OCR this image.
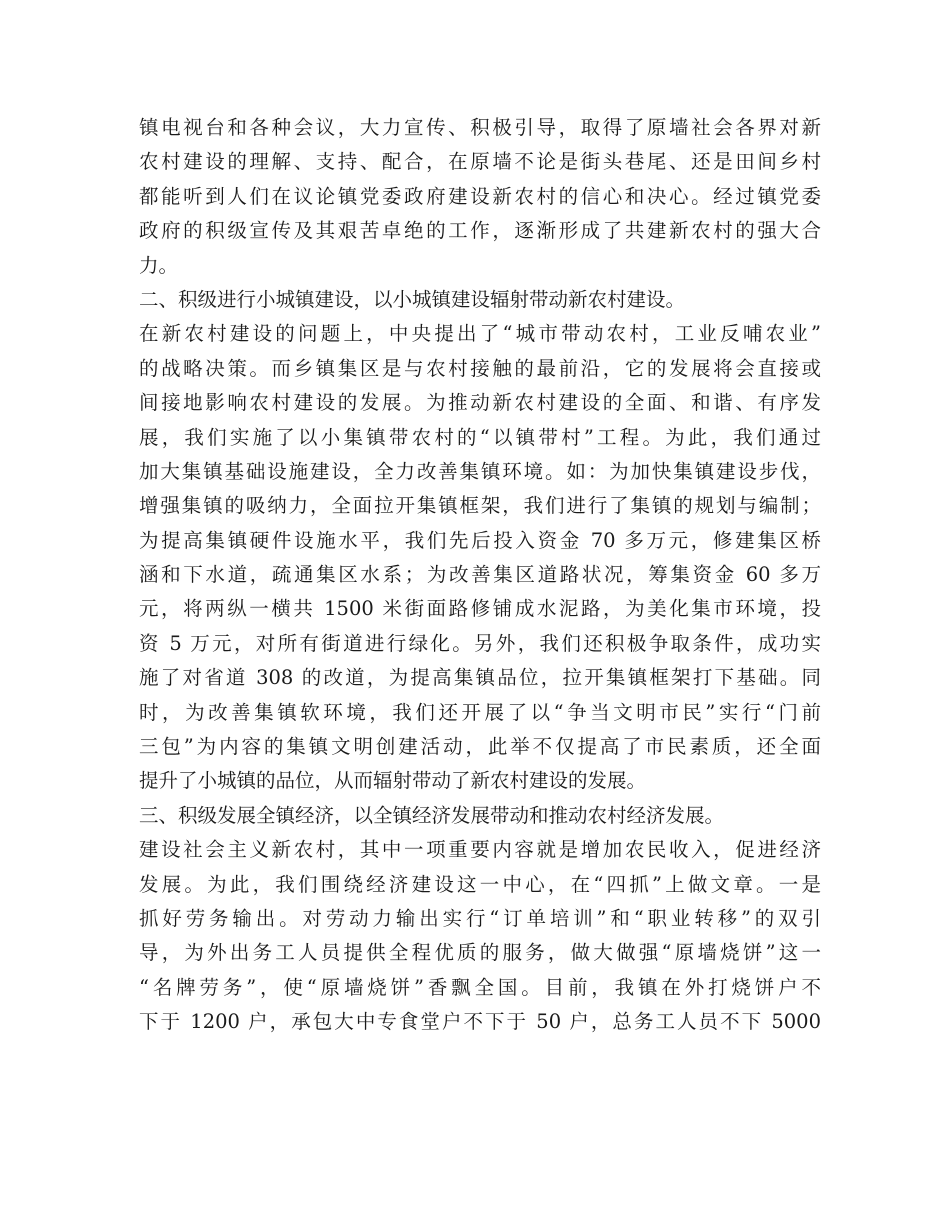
镇电视台和各种会议，大力宣传、积极引导，取得了原墙社会各界对新
农村建设的理解、支持、配合，在原墙不论是街头巷尾、还是田间乡村
都能听到人们在议论镇党委政府建设新农村的信心和决心。经过镇党委
政府的积级宣传及其艰苦卓绝的工作，逐渐形成了共建新农村的强大合
力。
二、积级进行小城镇建设，以小城镇建设辐射带动新农村建设。
在新农村建设的问题上，中央提出了“城市带动农村，工业反哺农业”
的战略决策。而乡镇集区是与农村接触的最前沿，它的发展将会直接或
间接地影响农村建设的发展。为推动新农村建设的全面、和谐、有序发
展，我们实施了以小集镇带农村的“以镇带村”工程。为此，我们通过
加大集镇基础设施建设，全力改善集镇环境。如：为加快集镇建设步伐，
增强集镇的吸纳力，全面拉开集镇框架，我们进行了集镇的规划与编制；
为提高集镇硬件设施水平，我们先后投入资金 70 多万元，修建集区桥
涵和下水道，疏通集区水系；为改善集区道路状况，筹集资金 60 多万
元，将两纵一横共 1500 米街面路修铺成水泥路，为美化集市环境，投
资 5 万元，对所有街道进行绿化。另外，我们还积极争取条件，成功实
施了对省道 308 的改道，为提高集镇品位，拉开集镇框架打下基础。同
时，为改善集镇软环境，我们还开展了以“争当文明市民”实行“门前
三包”为内容的集镇文明创建活动，此举不仅提高了市民素质，还全面
提升了小城镇的品位，从而辐射带动了新农村建设的发展。
三、积级发展全镇经济，以全镇经济发展带动和推动农村经济发展。
建设社会主义新农村，其中一项重要内容就是增加农民收入，促进经济
发展。为此，我们围绕经济建设这一中心，在“四抓”上做文章。一是
抓好劳务输出。对劳动力输出实行“订单培训”和“职业转移”的双引
导，为外出务工人员提供全程优质的服务，做大做强“原墙烧饼”这一
“名牌劳务”，使“原墙烧饼”香飘全国。目前，我镇在外打烧饼户不
下于 1200 户，承包大中专食堂户不下于 50 户，总务工人员不下 5000
